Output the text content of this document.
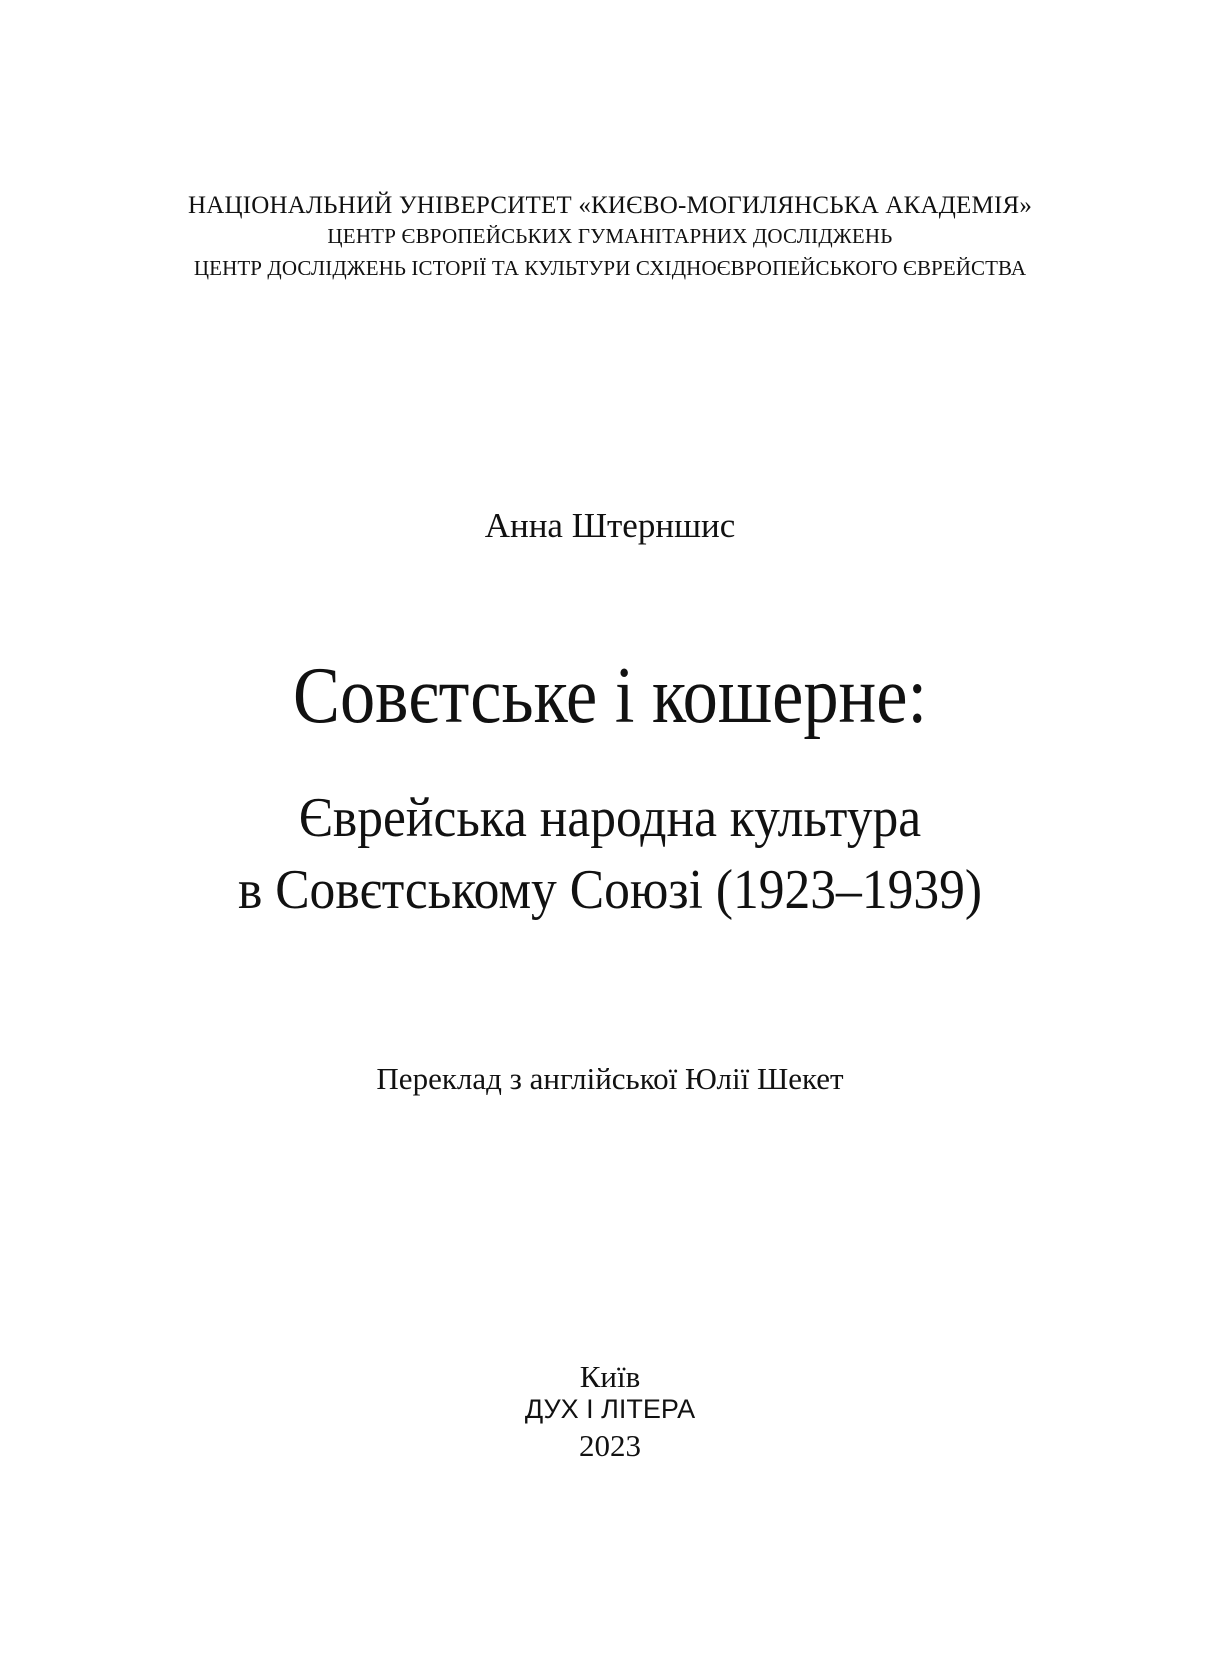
НАЦІОНАЛЬНИЙ УНІВЕРСИТЕТ «КИЄВО-МОГИЛЯНСЬКА АКАДЕМІЯ»
ЦЕНТР ЄВРОПЕЙСЬКИХ ГУМАНІТАРНИХ ДОСЛІДЖЕНЬ
ЦЕНТР ДОСЛІДЖЕНЬ ІСТОРІЇ ТА КУЛЬТУРИ СХІДНОЄВРОПЕЙСЬКОГО ЄВРЕЙСТВА
Анна Штерншис
Совєтське і кошерне:
Єврейська народна культура
в Совєтському Союзі (1923–1939)
Переклад з англійської Юлії Шекет
Київ
ДУХ І ЛІТЕРА
2023
